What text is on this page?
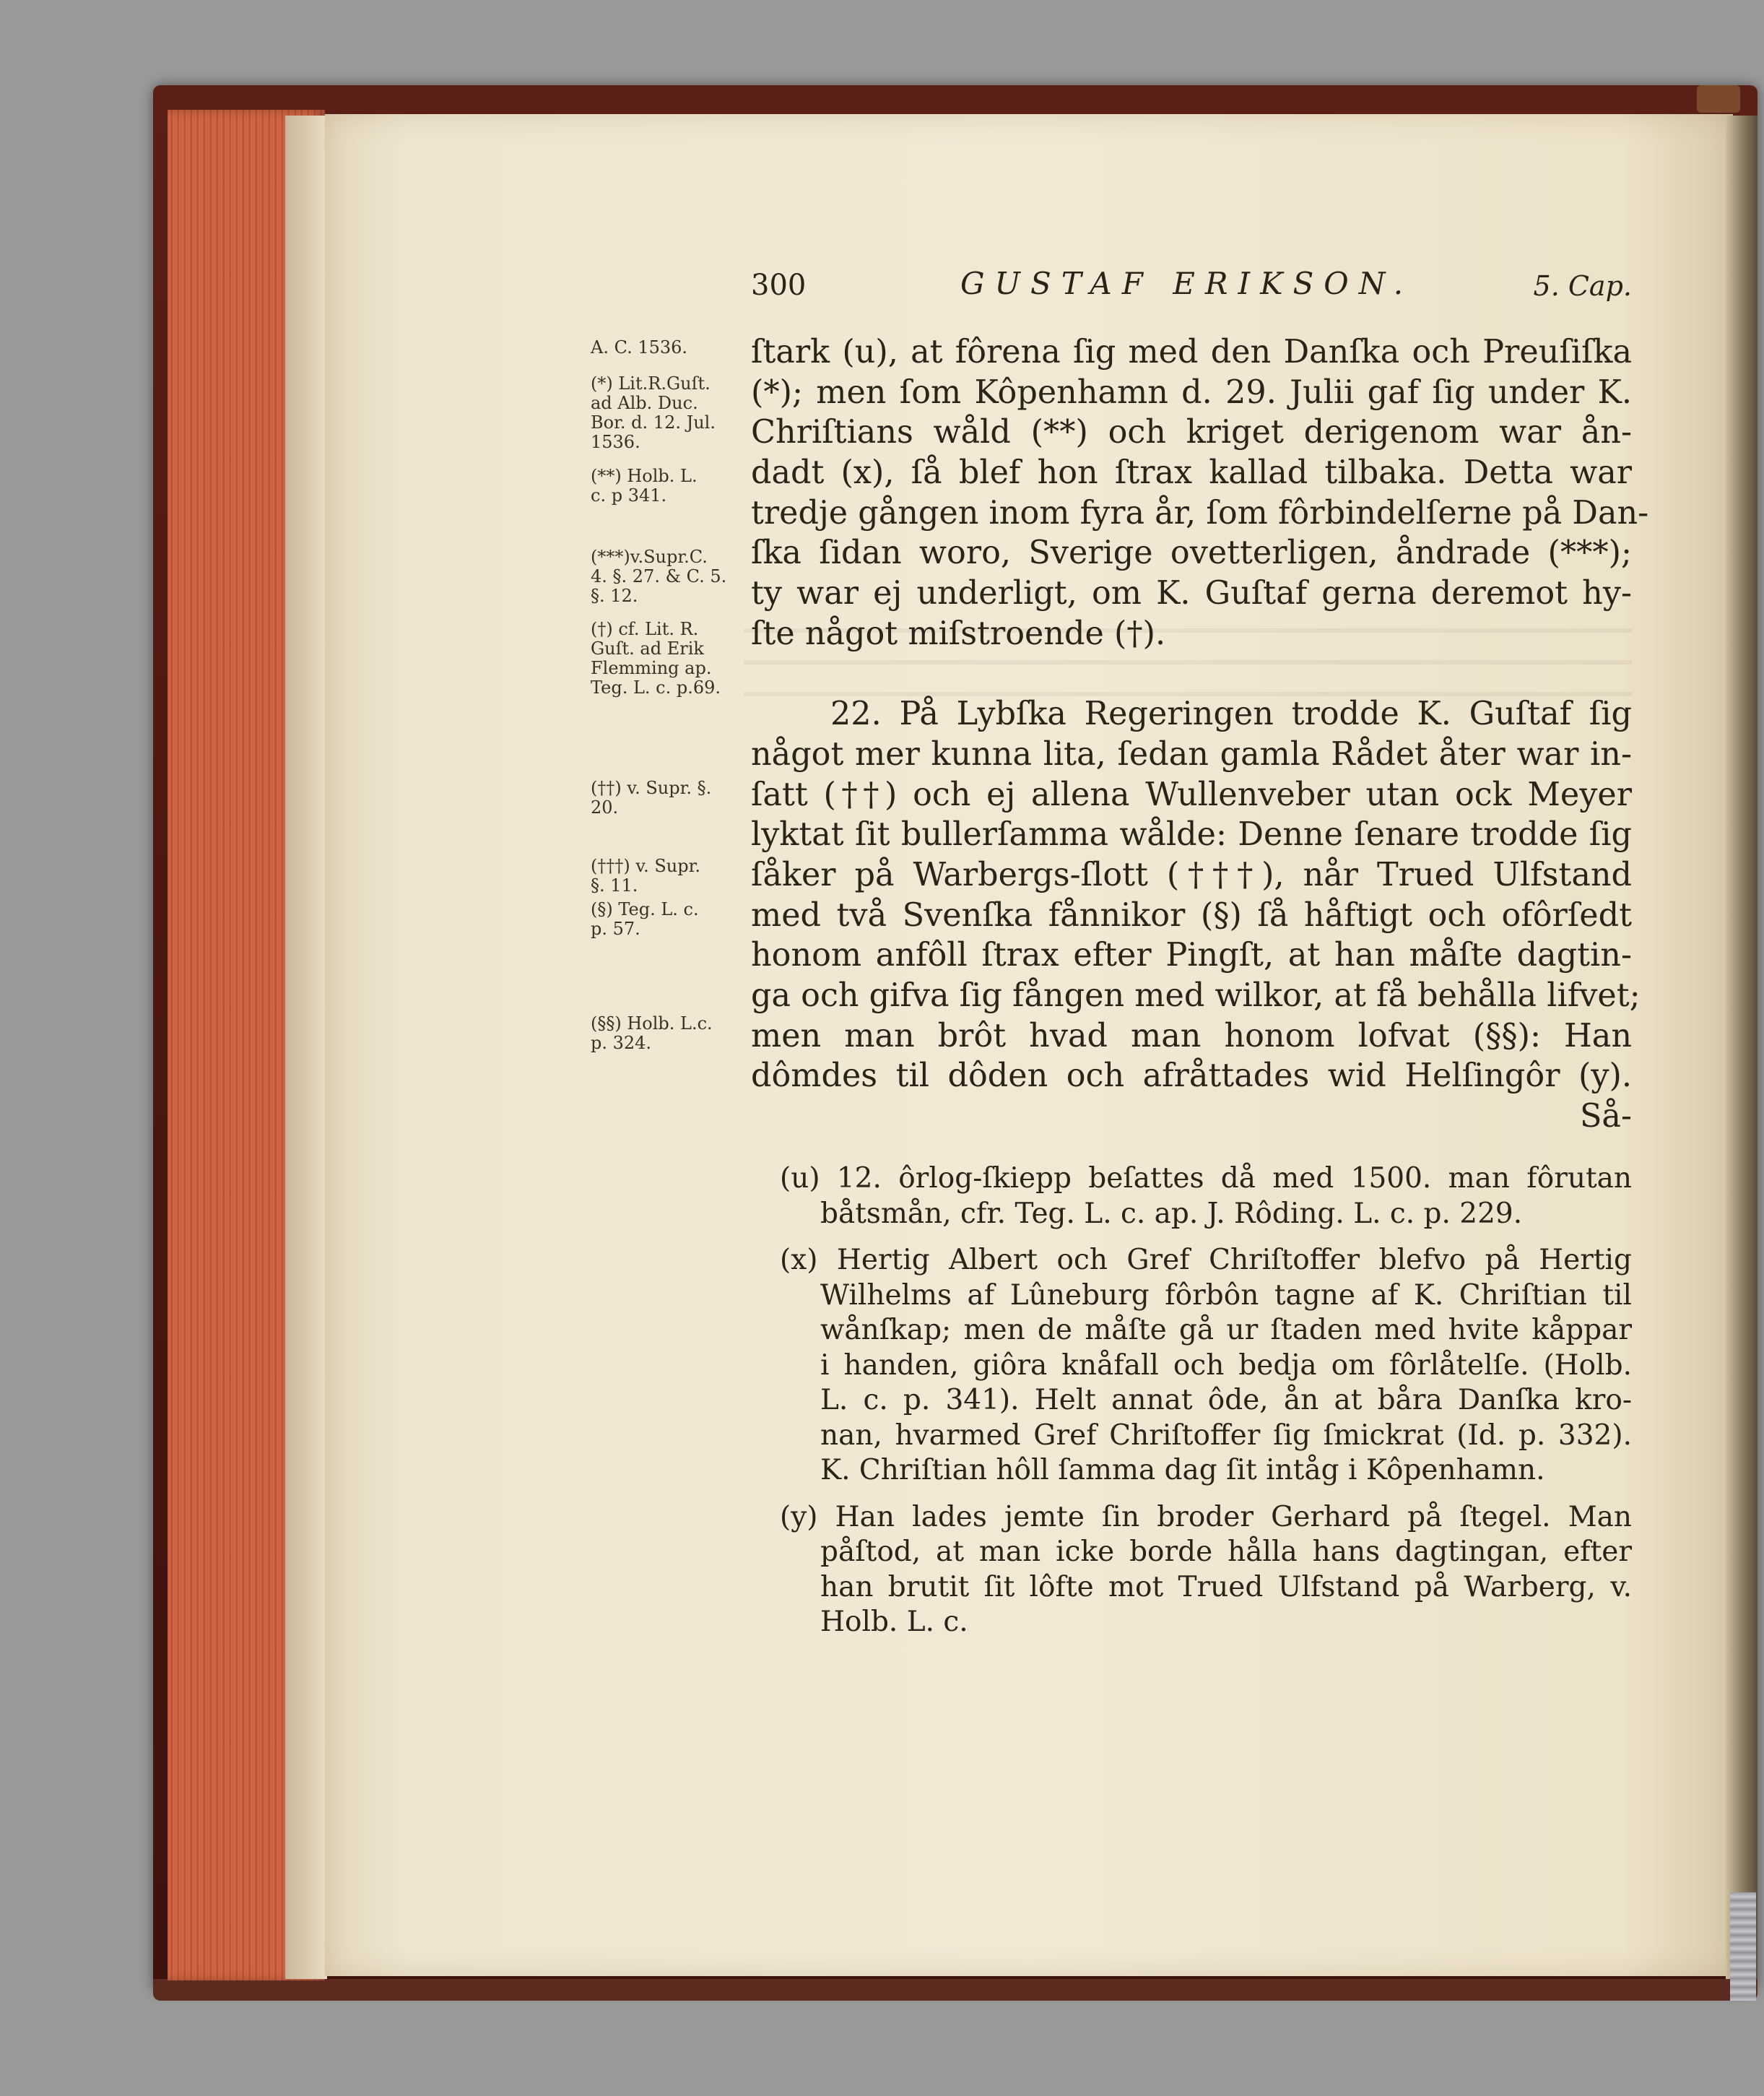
300	GUSTAF ERIKSON.	5. Cap.
A. C. 1536.
(*) Lit.R.Guſt.
ad Alb. Duc.
Bor. d. 12. Jul.
1536.
(**) Holb. L.
c. p 341.
(***)v.Supr.C.
4. §. 27. & C. 5.
§. 12.
(†) cf. Lit. R.
Guſt. ad Erik
Flemming ap.
Teg. L. c. p.69.
(††) v. Supr. §.
20.
(†††) v. Supr.
§. 11.
(§) Teg. L. c.
p. 57.
(§§) Holb. L.c.
p. 324.
ſtark (u), at fôrena ſig med den Danſka och Preuſiſka
(*); men ſom Kôpenhamn d. 29. Julii gaf ſig under K.
Chriſtians wåld (**) och kriget derigenom war ån-
dadt (x), ſå blef hon ſtrax kallad tilbaka. Detta war
tredje gången inom fyra år, ſom fôrbindelſerne på Dan-
ſka ſidan woro, Sverige ovetterligen, åndrade (***);
ty war ej underligt, om K. Guſtaf gerna deremot hy-
ſte något miſstroende (†).
22. På Lybſka Regeringen trodde K. Guſtaf ſig
något mer kunna lita, ſedan gamla Rådet åter war in-
ſatt (††) och ej allena Wullenveber utan ock Meyer
lyktat ſit bullerſamma wålde: Denne ſenare trodde ſig
ſåker på Warbergs-ſlott (†††), når Trued Ulfstand
med två Svenſka fånnikor (§) ſå håftigt och ofôrſedt
honom anfôll ſtrax efter Pingſt, at han måſte dagtin-
ga och gifva ſig fången med wilkor, at få behålla lifvet;
men man brôt hvad man honom lofvat (§§): Han
dômdes til dôden och afråttades wid Helſingôr (y).
Så-
(u) 12. ôrlog-ſkiepp beſattes då med 1500. man fôrutan
båtsmån, cfr. Teg. L. c. ap. J. Rôding. L. c. p. 229.
(x) Hertig Albert och Gref Chriſtoffer blefvo på Hertig
Wilhelms af Lûneburg fôrbôn tagne af K. Chriſtian til
wånſkap; men de måſte gå ur ſtaden med hvite kåppar
i handen, giôra knåfall och bedja om fôrlåtelſe. (Holb.
L. c. p. 341). Helt annat ôde, ån at båra Danſka kro-
nan, hvarmed Gref Chriſtoffer ſig ſmickrat (Id. p. 332).
K. Chriſtian hôll ſamma dag ſit intåg i Kôpenhamn.
(y) Han lades jemte ſin broder Gerhard på ſtegel. Man
påſtod, at man icke borde hålla hans dagtingan, efter
han brutit ſit lôfte mot Trued Ulfstand på Warberg, v.
Holb. L. c.
